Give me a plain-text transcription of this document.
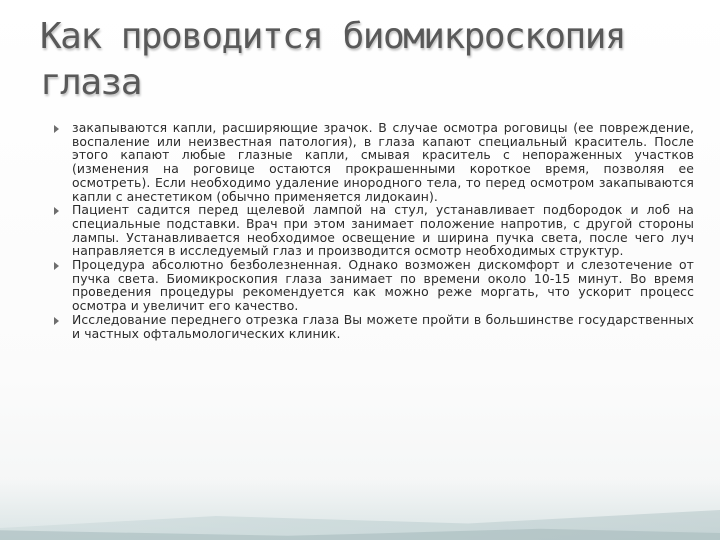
Как проводится биомикроскопия
глаза
закапываются капли, расширяющие зрачок. В случае осмотра роговицы (ее повреждение, воспаление или неизвестная патология), в глаза капают специальный краситель. После этого капают любые глазные капли, смывая краситель с непораженных участков (изменения на роговице остаются прокрашенными короткое время, позволяя ее осмотреть). Если необходимо удаление инородного тела, то перед осмотром закапываются капли с анестетиком (обычно применяется лидокаин).
Пациент садится перед щелевой лампой на стул, устанавливает подбородок и лоб на специальные подставки. Врач при этом занимает положение напротив, с другой стороны лампы. Устанавливается необходимое освещение и ширина пучка света, после чего луч направляется в исследуемый глаз и производится осмотр необходимых структур.
Процедура абсолютно безболезненная. Однако возможен дискомфорт и слезотечение от пучка света. Биомикроскопия глаза занимает по времени около 10-15 минут. Во время проведения процедуры рекомендуется как можно реже моргать, что ускорит процесс осмотра и увеличит его качество.
Исследование переднего отрезка глаза Вы можете пройти в большинстве государственных и частных офтальмологических клиник.
